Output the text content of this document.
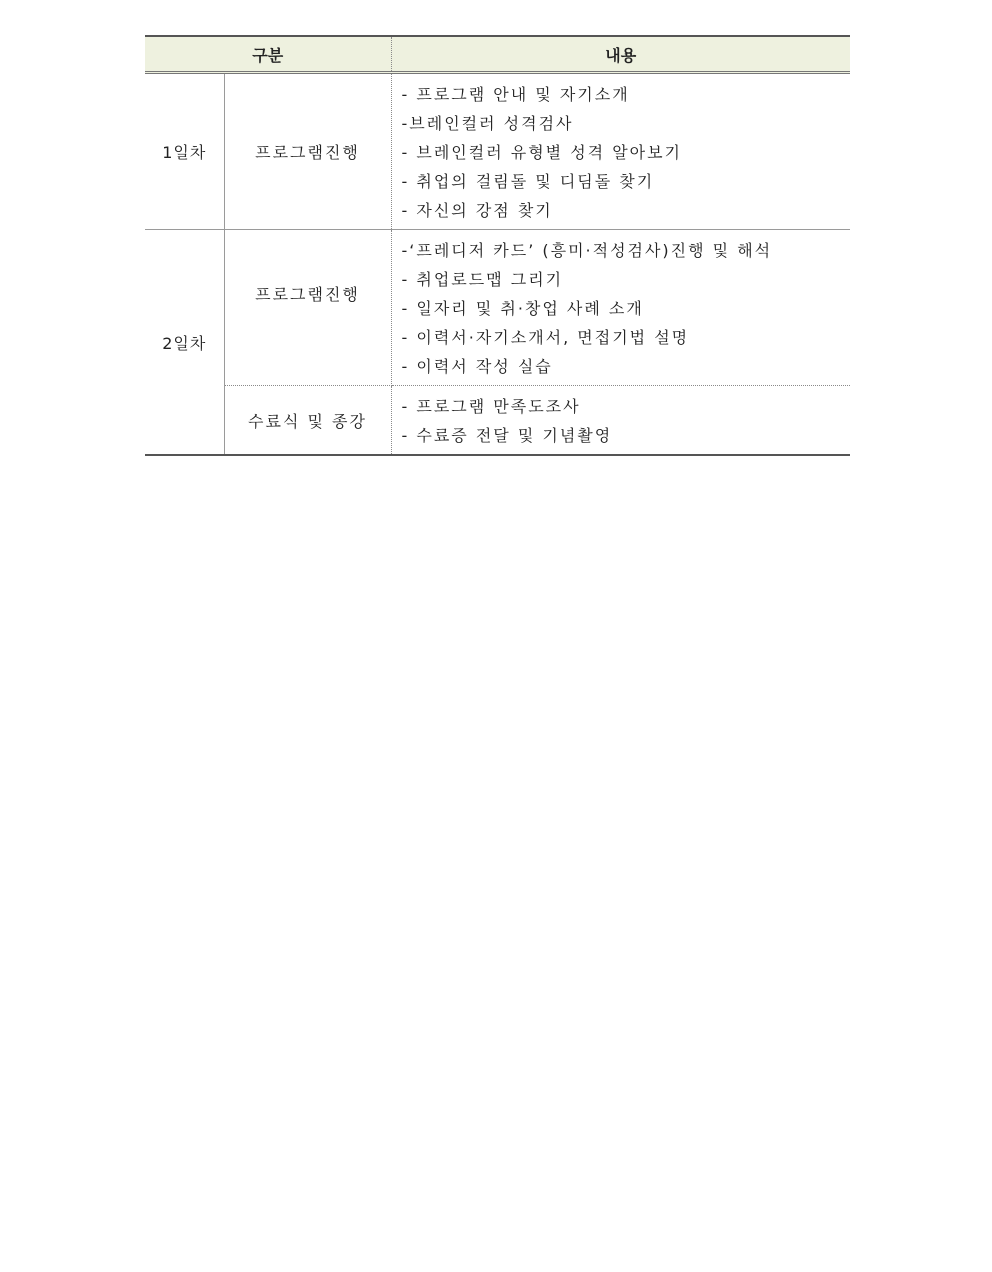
구분		내용
1일차	프로그램진행	- 프로그램 안내 및 자기소개
-브레인컬러 성격검사
- 브레인컬러 유형별 성격 알아보기
- 취업의 걸림돌 및 디딤돌 찾기
- 자신의 강점 찾기

2일차	프로그램진행	-‘프레디저 카드’ (흥미·적성검사)진행 및 해석
- 취업로드맵 그리기
- 일자리 및 취·창업 사례 소개
- 이력서·자기소개서, 면접기법 설명
- 이력서 작성 실습

	수료식 및 종강	- 프로그램 만족도조사
- 수료증 전달 및 기념촬영
